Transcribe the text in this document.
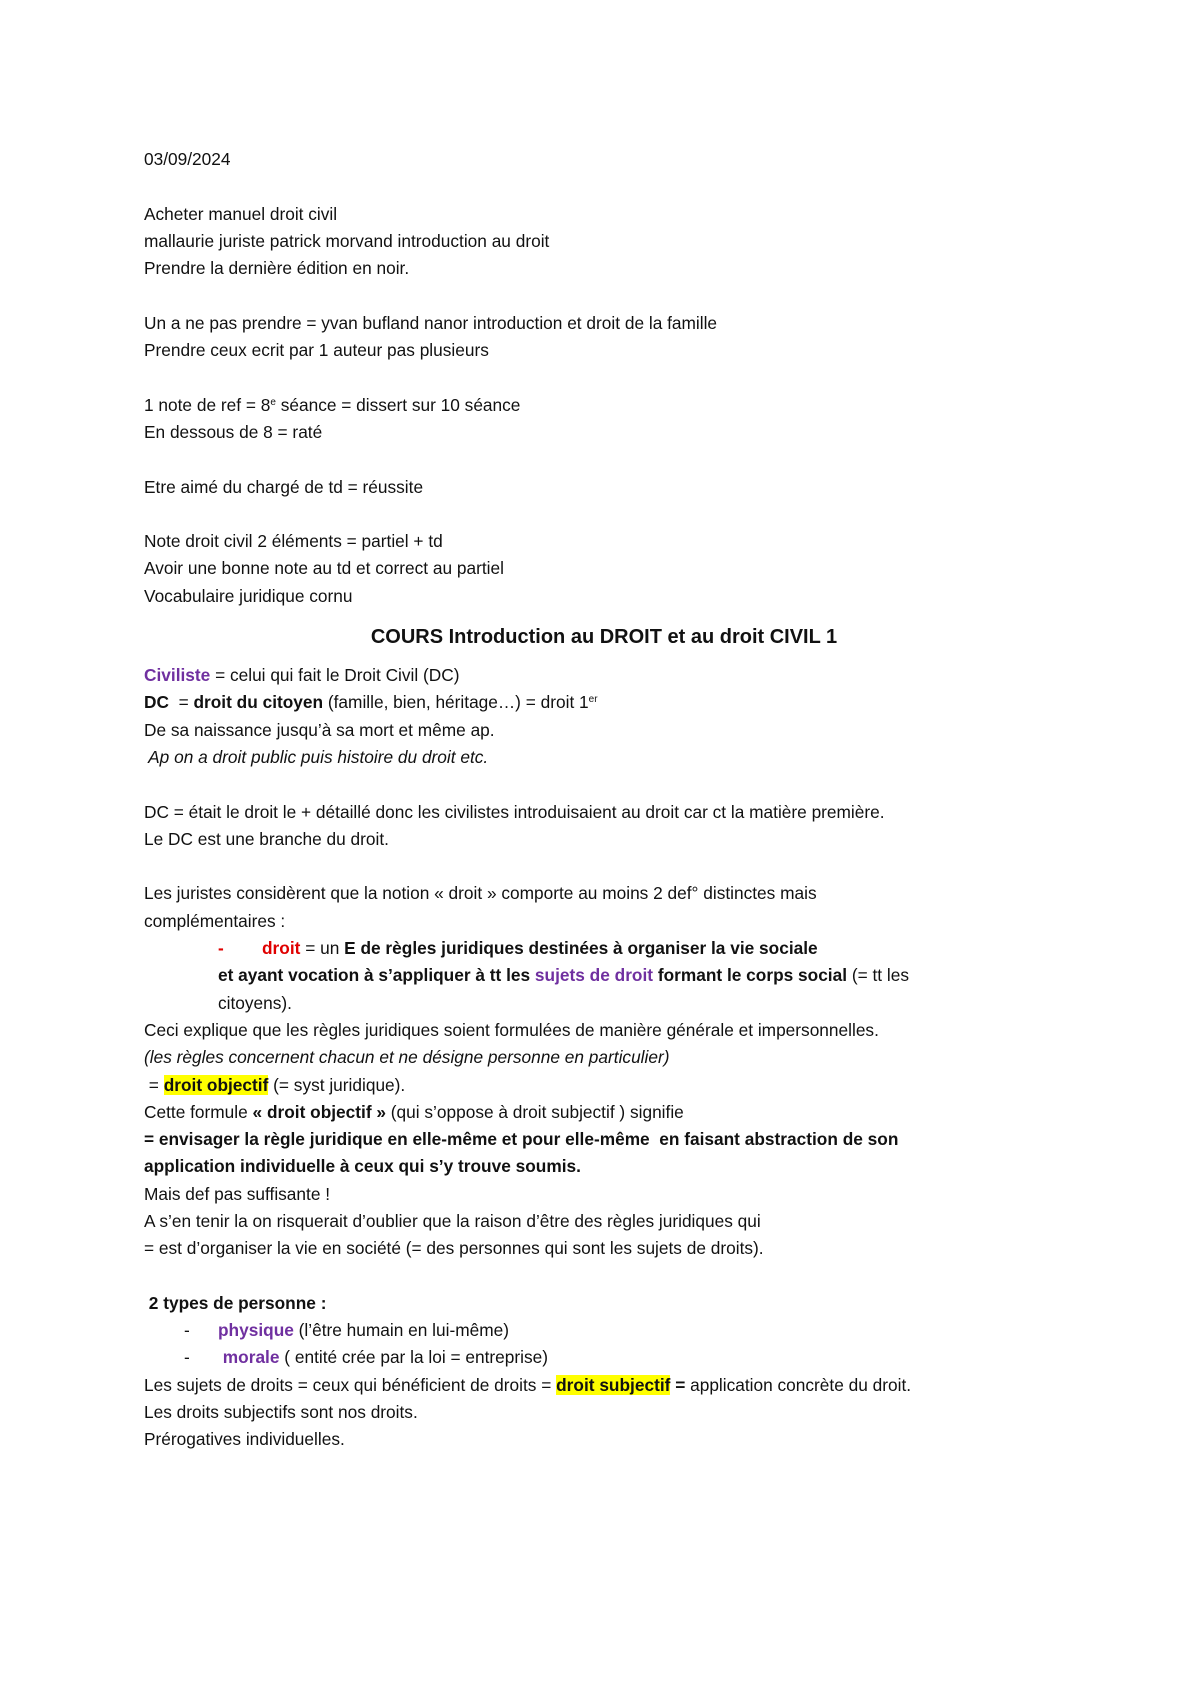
03/09/2024
Acheter manuel droit civil
mallaurie juriste patrick morvand introduction au droit
Prendre la dernière édition en noir.
Un a ne pas prendre = yvan bufland nanor introduction et droit de la famille
Prendre ceux ecrit par 1 auteur pas plusieurs
1 note de ref = $8^e$ séance = dissert sur 10 séance
En dessous de 8 = raté
Etre aimé du chargé de td = réussite
Note droit civil 2 éléments = partiel + td
Avoir une bonne note au td et correct au partiel
Vocabulaire juridique cornu
COURS Introduction au DROIT et au droit CIVIL 1
Civiliste = celui qui fait le Droit Civil (DC)
DC  = droit du citoyen (famille, bien, héritage…) = droit 1er
De sa naissance jusqu’à sa mort et même ap.
Ap on a droit public puis histoire du droit etc.
DC = était le droit le + détaillé donc les civilistes introduisaient au droit car ct la matière première.
Le DC est une branche du droit.
Les juristes considèrent que la notion « droit » comporte au moins 2 def° distinctes mais
complémentaires :
- droit = un E de règles juridiques destinées à organiser la vie sociale
et ayant vocation à s’appliquer à tt les sujets de droit formant le corps social (= tt les
citoyens).
Ceci explique que les règles juridiques soient formulées de manière générale et impersonnelles.
(les règles concernent chacun et ne désigne personne en particulier)
= droit objectif (= syst juridique).
Cette formule « droit objectif » (qui s’oppose à droit subjectif ) signifie
= envisager la règle juridique en elle-même et pour elle-même  en faisant abstraction de son
application individuelle à ceux qui s’y trouve soumis.
Mais def pas suffisante !
A s’en tenir la on risquerait d’oublier que la raison d’être des règles juridiques qui
= est d’organiser la vie en société (= des personnes qui sont les sujets de droits).
2 types de personne :
- physique (l’être humain en lui-même)
- morale ( entité crée par la loi = entreprise)
Les sujets de droits = ceux qui bénéficient de droits = droit subjectif = application concrète du droit.
Les droits subjectifs sont nos droits.
Prérogatives individuelles.
